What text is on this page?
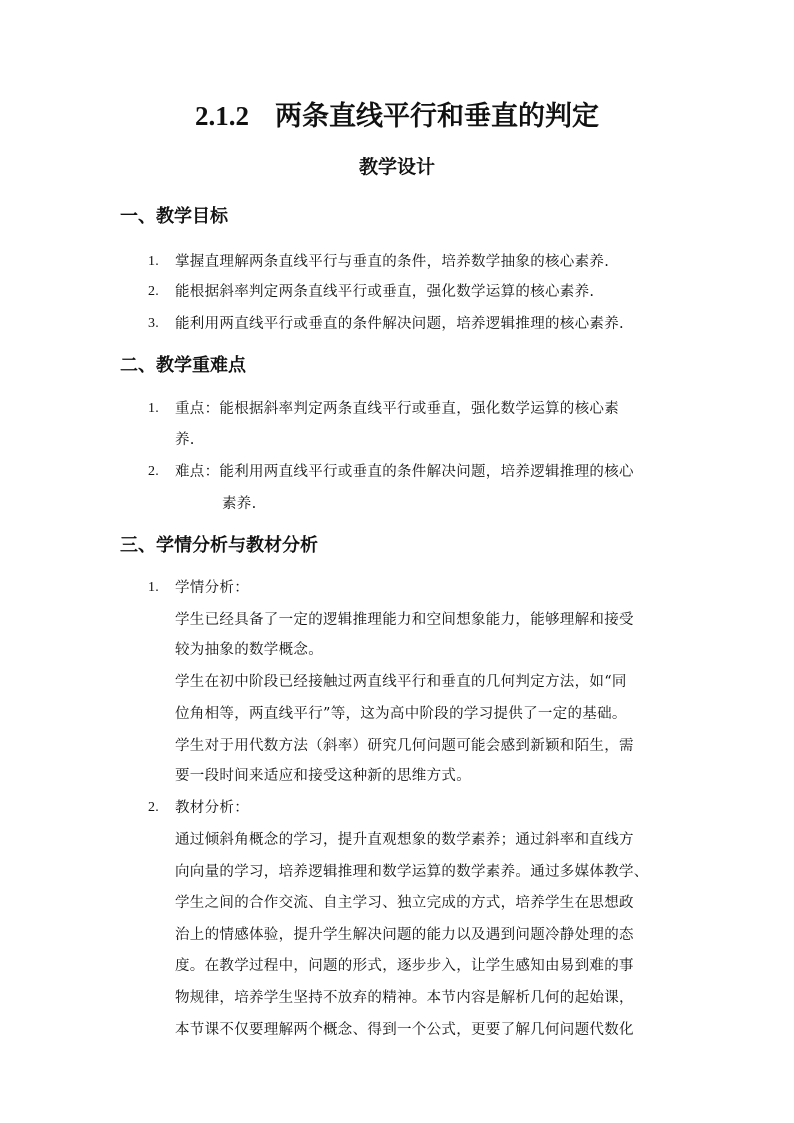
2.1.2 两条直线平行和垂直的判定
教学设计
一、教学目标
1.	掌握直理解两条直线平行与垂直的条件，培养数学抽象的核心素养.
2.	能根据斜率判定两条直线平行或垂直，强化数学运算的核心素养.
3.	能利用两直线平行或垂直的条件解决问题，培养逻辑推理的核心素养.
二、教学重难点
1.	重点：能根据斜率判定两条直线平行或垂直，强化数学运算的核心素
养.
2.	难点：能利用两直线平行或垂直的条件解决问题，培养逻辑推理的核心
素养.
三、学情分析与教材分析
1.	学情分析：
学生已经具备了一定的逻辑推理能力和空间想象能力，能够理解和接受
较为抽象的数学概念。
学生在初中阶段已经接触过两直线平行和垂直的几何判定方法，如“同
位角相等，两直线平行”等，这为高中阶段的学习提供了一定的基础。
学生对于用代数方法（斜率）研究几何问题可能会感到新颖和陌生，需
要一段时间来适应和接受这种新的思维方式。
2.	教材分析：
通过倾斜角概念的学习，提升直观想象的数学素养；通过斜率和直线方
向向量的学习，培养逻辑推理和数学运算的数学素养。通过多媒体教学、
学生之间的合作交流、自主学习、独立完成的方式，培养学生在思想政
治上的情感体验，提升学生解决问题的能力以及遇到问题冷静处理的态
度。在教学过程中，问题的形式，逐步步入，让学生感知由易到难的事
物规律，培养学生坚持不放弃的精神。本节内容是解析几何的起始课，
本节课不仅要理解两个概念、得到一个公式，更要了解几何问题代数化
